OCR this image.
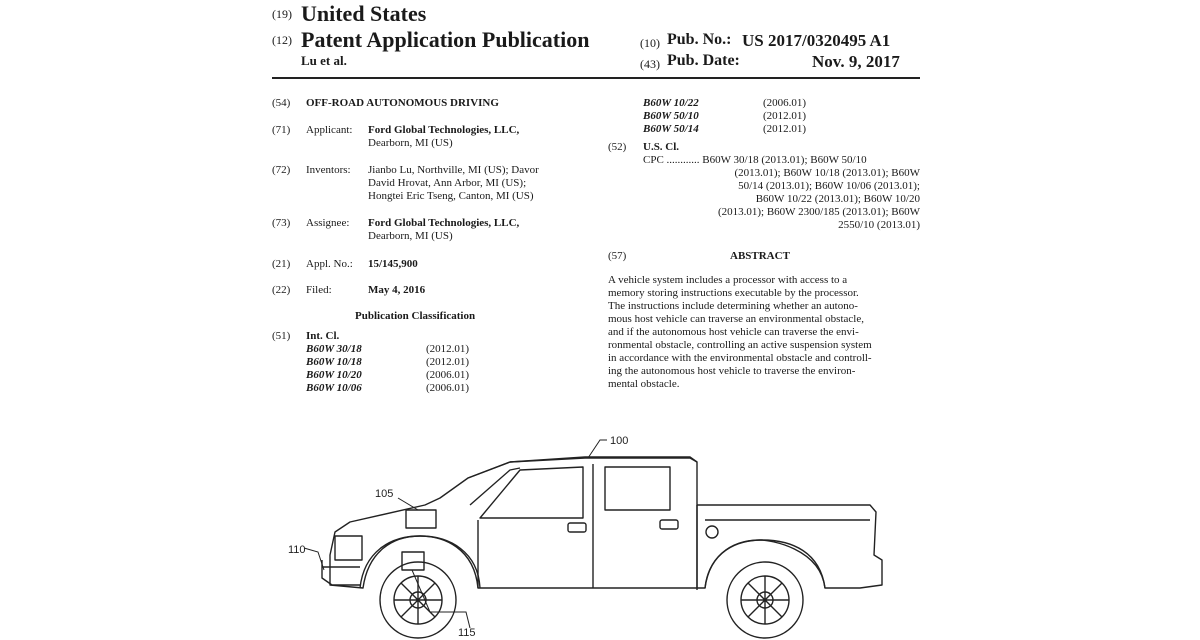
(19) United States
(12) Patent Application Publication
Lu et al.
(10) Pub. No.: US 2017/0320495 A1
(43) Pub. Date:	Nov. 9, 2017
(54) OFF-ROAD AUTONOMOUS DRIVING
(71) Applicant: Ford Global Technologies, LLC,
Dearborn, MI (US)
(72) Inventors: Jianbo Lu, Northville, MI (US); Davor
David Hrovat, Ann Arbor, MI (US);
Hongtei Eric Tseng, Canton, MI (US)
(73) Assignee: Ford Global Technologies, LLC,
Dearborn, MI (US)
(21) Appl. No.: 15/145,900
(22) Filed:	May 4, 2016
Publication Classification
(51) Int. Cl.
B60W 30/18	(2012.01)
B60W 10/18	(2012.01)
B60W 10/20	(2006.01)
B60W 10/06	(2006.01)
B60W 10/22	(2006.01)
B60W 50/10	(2012.01)
B60W 50/14	(2012.01)
(52) U.S. Cl.
CPC ............ B60W 30/18 (2013.01); B60W 50/10
(2013.01); B60W 10/18 (2013.01); B60W
50/14 (2013.01); B60W 10/06 (2013.01);
B60W 10/22 (2013.01); B60W 10/20
(2013.01); B60W 2300/185 (2013.01); B60W
2550/10 (2013.01)
(57)	ABSTRACT
A vehicle system includes a processor with access to a
memory storing instructions executable by the processor.
The instructions include determining whether an autono-
mous host vehicle can traverse an environmental obstacle,
and if the autonomous host vehicle can traverse the envi-
ronmental obstacle, controlling an active suspension system
in accordance with the environmental obstacle and controll-
ing the autonomous host vehicle to traverse the environ-
mental obstacle.
100
105
110
115
